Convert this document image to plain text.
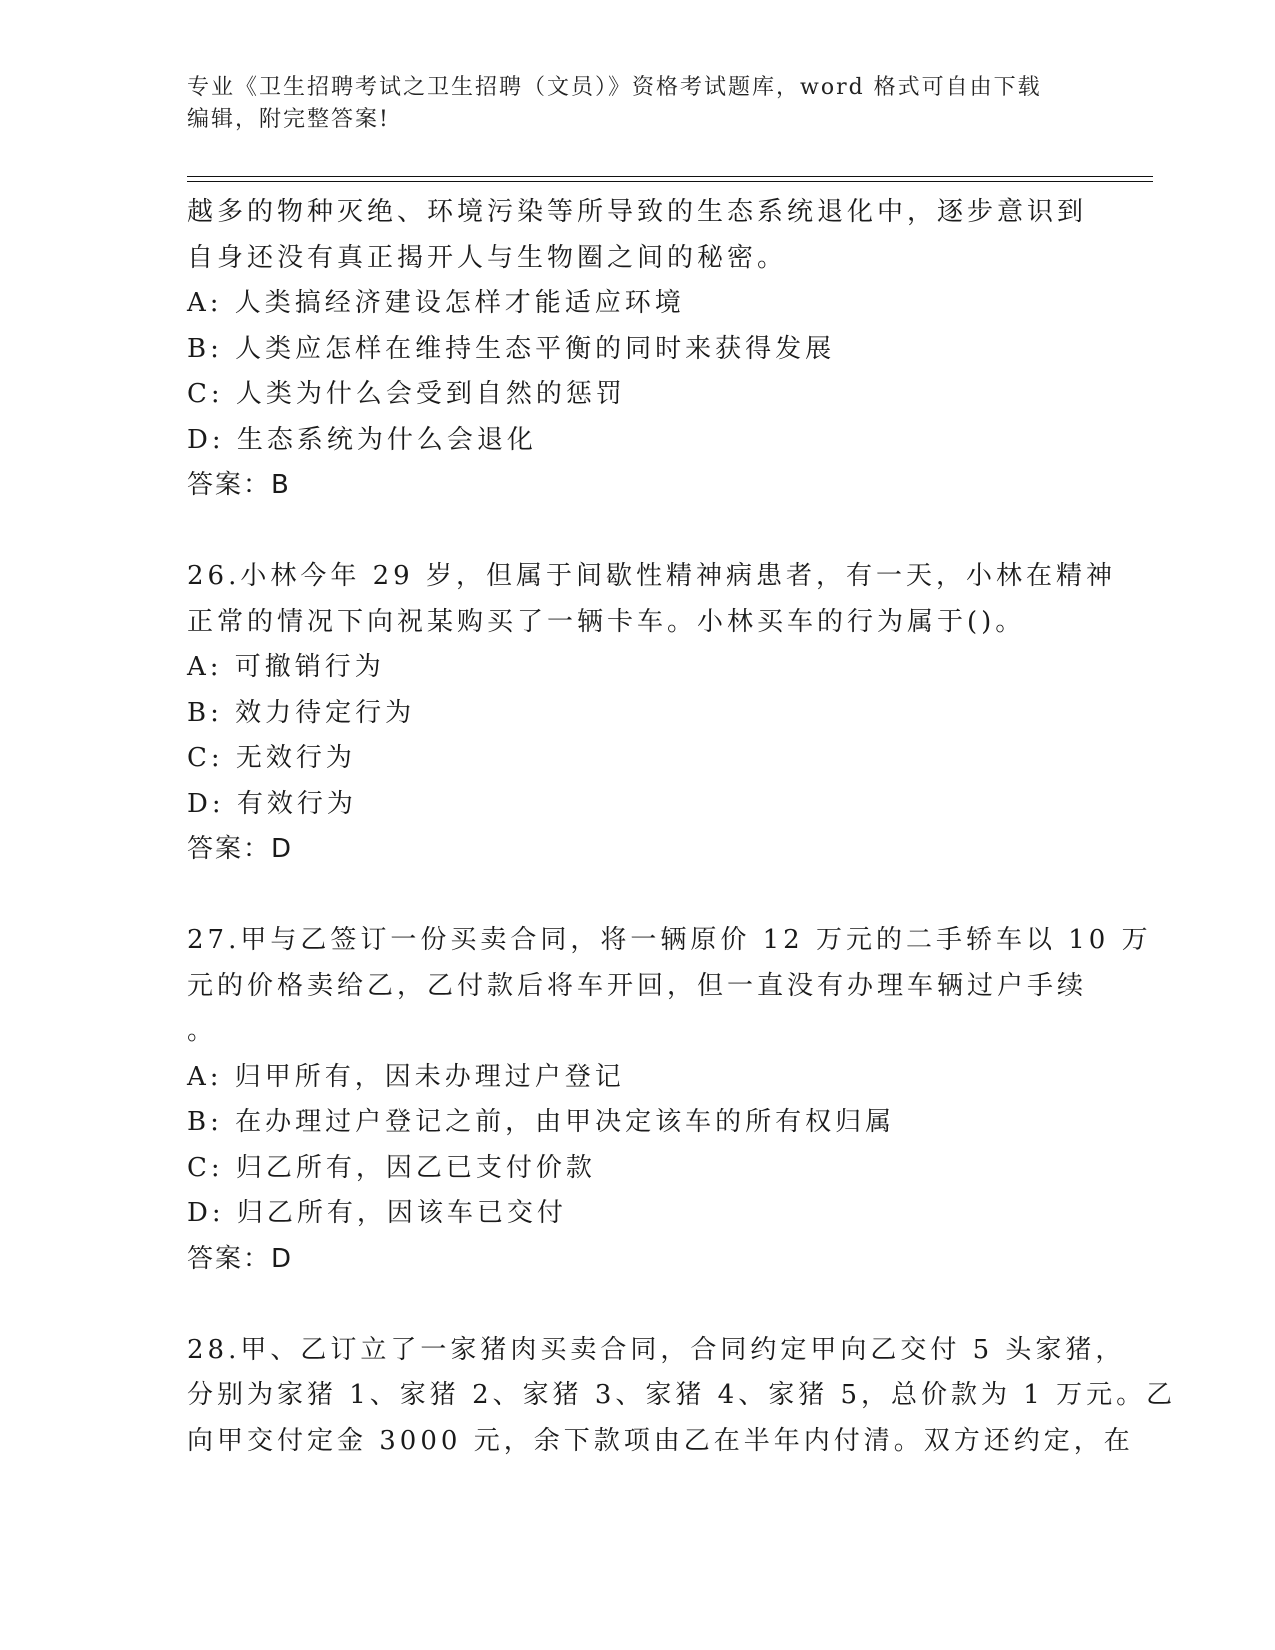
专业《卫生招聘考试之卫生招聘（文员）》资格考试题库，word 格式可自由下载
编辑，附完整答案!
越多的物种灭绝、环境污染等所导致的生态系统退化中，逐步意识到
自身还没有真正揭开人与生物圈之间的秘密。
A: 人类搞经济建设怎样才能适应环境
B: 人类应怎样在维持生态平衡的同时来获得发展
C: 人类为什么会受到自然的惩罚
D: 生态系统为什么会退化
答案：B
26.小林今年 29 岁，但属于间歇性精神病患者，有一天，小林在精神
正常的情况下向祝某购买了一辆卡车。小林买车的行为属于()。
A: 可撤销行为
B: 效力待定行为
C: 无效行为
D: 有效行为
答案：D
27.甲与乙签订一份买卖合同，将一辆原价 12 万元的二手轿车以 10 万
元的价格卖给乙，乙付款后将车开回，但一直没有办理车辆过户手续
。
A: 归甲所有，因未办理过户登记
B: 在办理过户登记之前，由甲决定该车的所有权归属
C: 归乙所有，因乙已支付价款
D: 归乙所有，因该车已交付
答案：D
28.甲、乙订立了一家猪肉买卖合同，合同约定甲向乙交付 5 头家猪，
分别为家猪 1、家猪 2、家猪 3、家猪 4、家猪 5，总价款为 1 万元。乙
向甲交付定金 3000 元，余下款项由乙在半年内付清。双方还约定，在
